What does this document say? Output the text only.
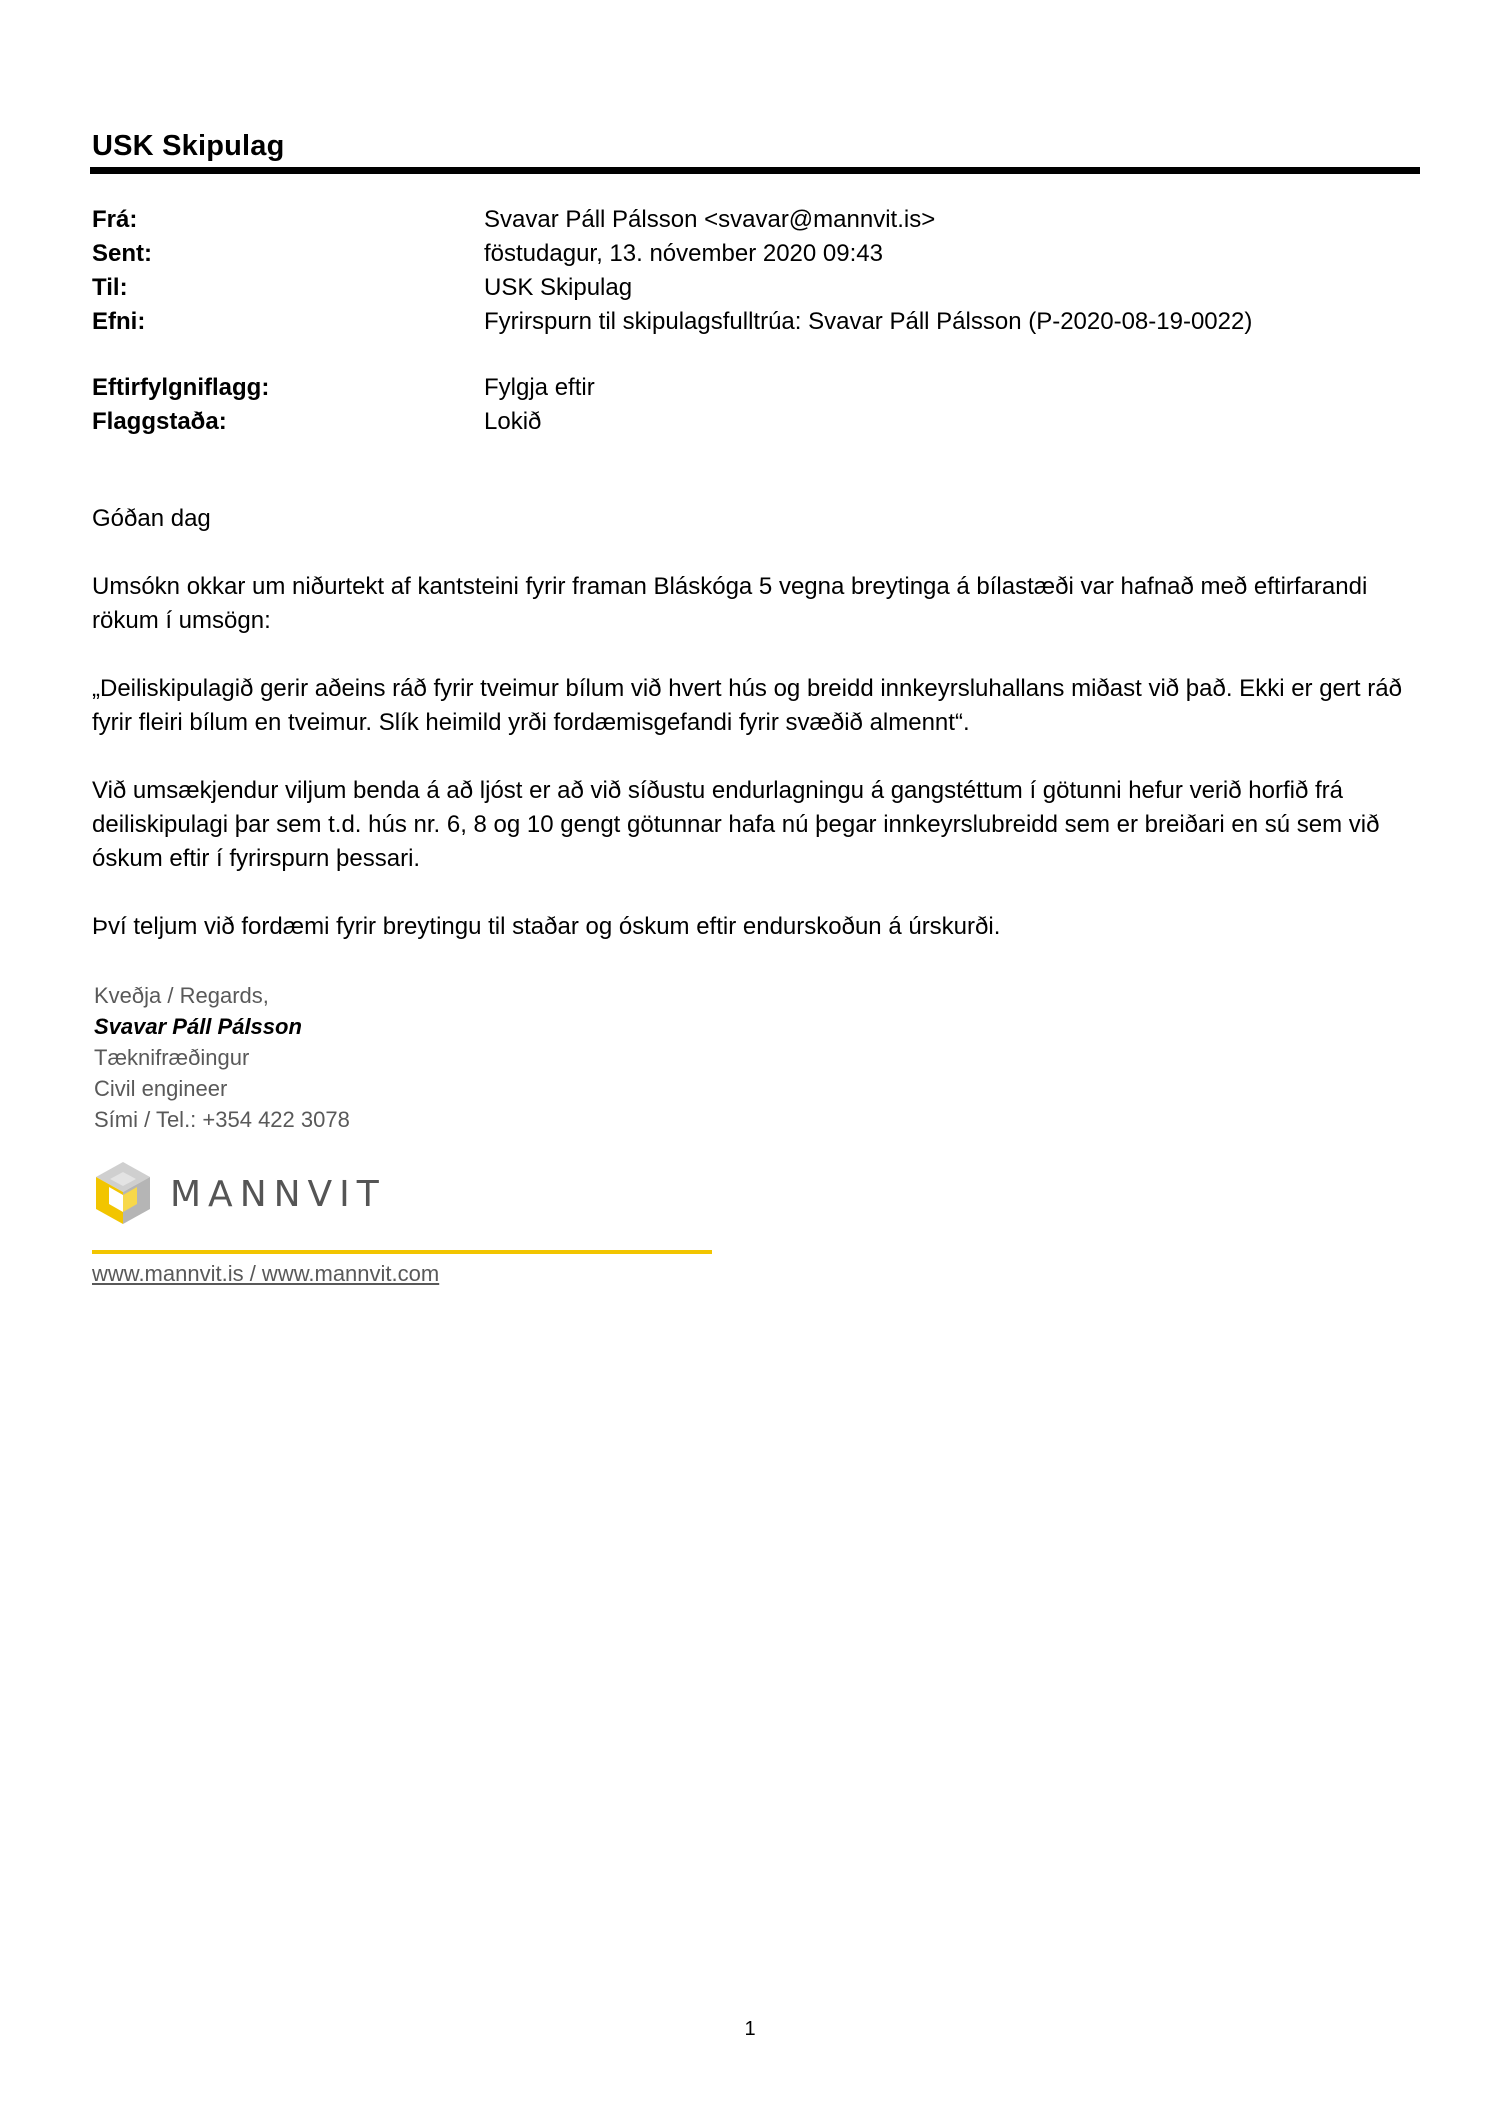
USK Skipulag
Frá:	Svavar Páll Pálsson <svavar@mannvit.is>
Sent:	föstudagur, 13. nóvember 2020 09:43
Til:	USK Skipulag
Efni:	Fyrirspurn til skipulagsfulltrúa: Svavar Páll Pálsson (P-2020-08-19-0022)
Eftirfylgniflagg:	Fylgja eftir
Flaggstaða:	Lokið

Góðan dag

Umsókn okkar um niðurtekt af kantsteini fyrir framan Bláskóga 5 vegna breytinga á bílastæði var hafnað með eftirfarandi rökum í umsögn:

„Deiliskipulagið gerir aðeins ráð fyrir tveimur bílum við hvert hús og breidd innkeyrsluhallans miðast við það. Ekki er gert ráð fyrir fleiri bílum en tveimur. Slík heimild yrði fordæmisgefandi fyrir svæðið almennt“.

Við umsækjendur viljum benda á að ljóst er að við síðustu endurlagningu á gangstéttum í götunni hefur verið horfið frá deiliskipulagi þar sem t.d. hús nr. 6, 8 og 10 gengt götunnar hafa nú þegar innkeyrslubreidd sem er breiðari en sú sem við óskum eftir í fyrirspurn þessari.

Því teljum við fordæmi fyrir breytingu til staðar og óskum eftir endurskoðun á úrskurði.

Kveðja / Regards,
Svavar Páll Pálsson
Tæknifræðingur
Civil engineer
Sími / Tel.: +354 422 3078
MANNVIT
www.mannvit.is / www.mannvit.com
1
